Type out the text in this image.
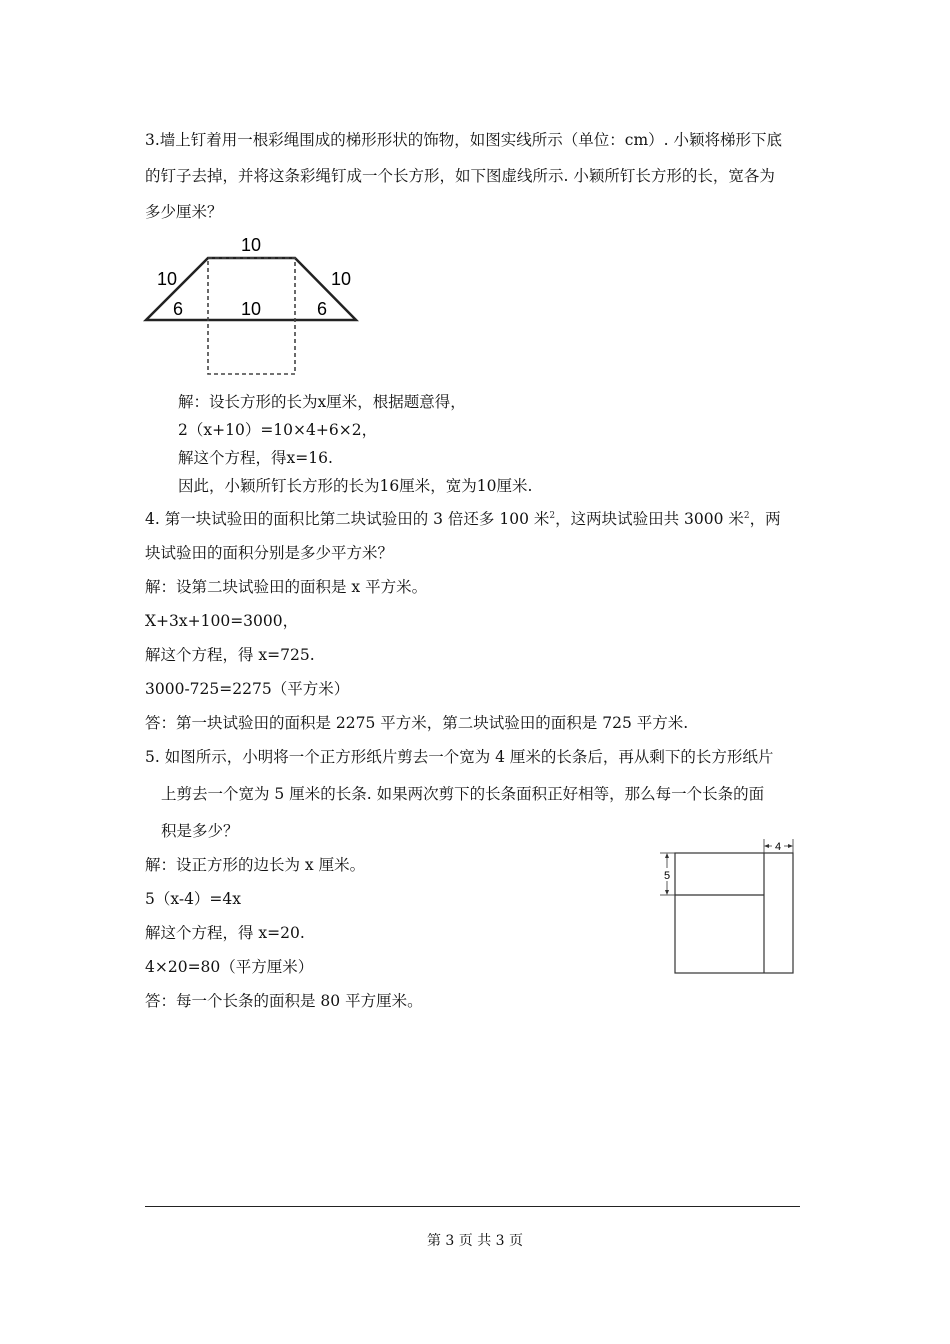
3.墙上钉着用一根彩绳围成的梯形形状的饰物，如图实线所示（单位：cm）. 小颖将梯形下底
的钉子去掉，并将这条彩绳钉成一个长方形，如下图虚线所示. 小颖所钉长方形的长，宽各为
多少厘米？
10
10	10
6	10	6
解：设长方形的长为x厘米，根据题意得，
2（x+10）=10×4+6×2，
解这个方程，得x=16.
因此，小颖所钉长方形的长为16厘米，宽为10厘米.
4. 第一块试验田的面积比第二块试验田的 3 倍还多 100 米$^2$，这两块试验田共 3000 米$^2$，两
块试验田的面积分别是多少平方米？
解：设第二块试验田的面积是 x 平方米。
X+3x+100=3000，
解这个方程，得 x=725.
3000-725=2275（平方米）
答：第一块试验田的面积是 2275 平方米，第二块试验田的面积是 725 平方米.
5. 如图所示，小明将一个正方形纸片剪去一个宽为 4 厘米的长条后，再从剩下的长方形纸片
上剪去一个宽为 5 厘米的长条. 如果两次剪下的长条面积正好相等，那么每一个长条的面
积是多少？
解：设正方形的边长为 x 厘米。
5（x-4）=4x
解这个方程，得 x=20.
4×20=80（平方厘米）
答：每一个长条的面积是 80 平方厘米。
4
5
第 3 页 共 3 页
